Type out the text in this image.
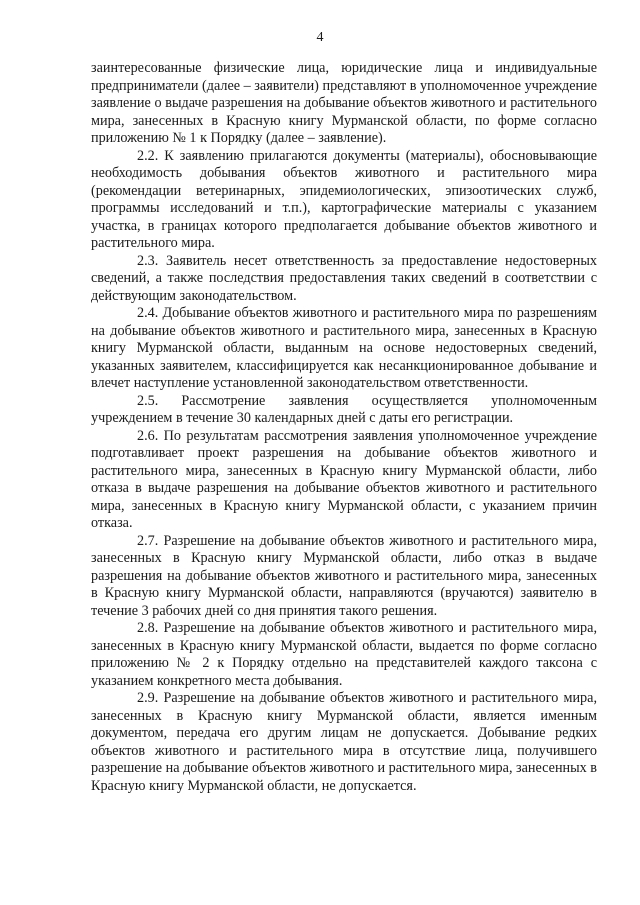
4

заинтересованные физические лица, юридические лица и индивидуальные предприниматели (далее – заявители) представляют в уполномоченное учреждение заявление о выдаче разрешения на добывание объектов животного и растительного мира, занесенных в Красную книгу Мурманской области, по форме согласно приложению № 1 к Порядку (далее – заявление).

2.2. К заявлению прилагаются документы (материалы), обосновывающие необходимость добывания объектов животного и растительного мира (рекомендации ветеринарных, эпидемиологических, эпизоотических служб, программы исследований и т.п.), картографические материалы с указанием участка, в границах которого предполагается добывание объектов животного и растительного мира.

2.3. Заявитель несет ответственность за предоставление недостоверных сведений, а также последствия предоставления таких сведений в соответствии с действующим законодательством.

2.4. Добывание объектов животного и растительного мира по разрешениям на добывание объектов животного и растительного мира, занесенных в Красную книгу Мурманской области, выданным на основе недостоверных сведений, указанных заявителем, классифицируется как несанкционированное добывание и влечет наступление установленной законодательством ответственности.

2.5. Рассмотрение заявления осуществляется уполномоченным учреждением в течение 30 календарных дней с даты его регистрации.

2.6. По результатам рассмотрения заявления уполномоченное учреждение подготавливает проект разрешения на добывание объектов животного и растительного мира, занесенных в Красную книгу Мурманской области, либо отказа в выдаче разрешения на добывание объектов животного и растительного мира, занесенных в Красную книгу Мурманской области, с указанием причин отказа.

2.7. Разрешение на добывание объектов животного и растительного мира, занесенных в Красную книгу Мурманской области, либо отказ в выдаче разрешения на добывание объектов животного и растительного мира, занесенных в Красную книгу Мурманской области, направляются (вручаются) заявителю в течение 3 рабочих дней со дня принятия такого решения.

2.8. Разрешение на добывание объектов животного и растительного мира, занесенных в Красную книгу Мурманской области, выдается по форме согласно приложению № 2 к Порядку отдельно на представителей каждого таксона с указанием конкретного места добывания.

2.9. Разрешение на добывание объектов животного и растительного мира, занесенных в Красную книгу Мурманской области, является именным документом, передача его другим лицам не допускается. Добывание редких объектов животного и растительного мира в отсутствие лица, получившего разрешение на добывание объектов животного и растительного мира, занесенных в Красную книгу Мурманской области, не допускается.
